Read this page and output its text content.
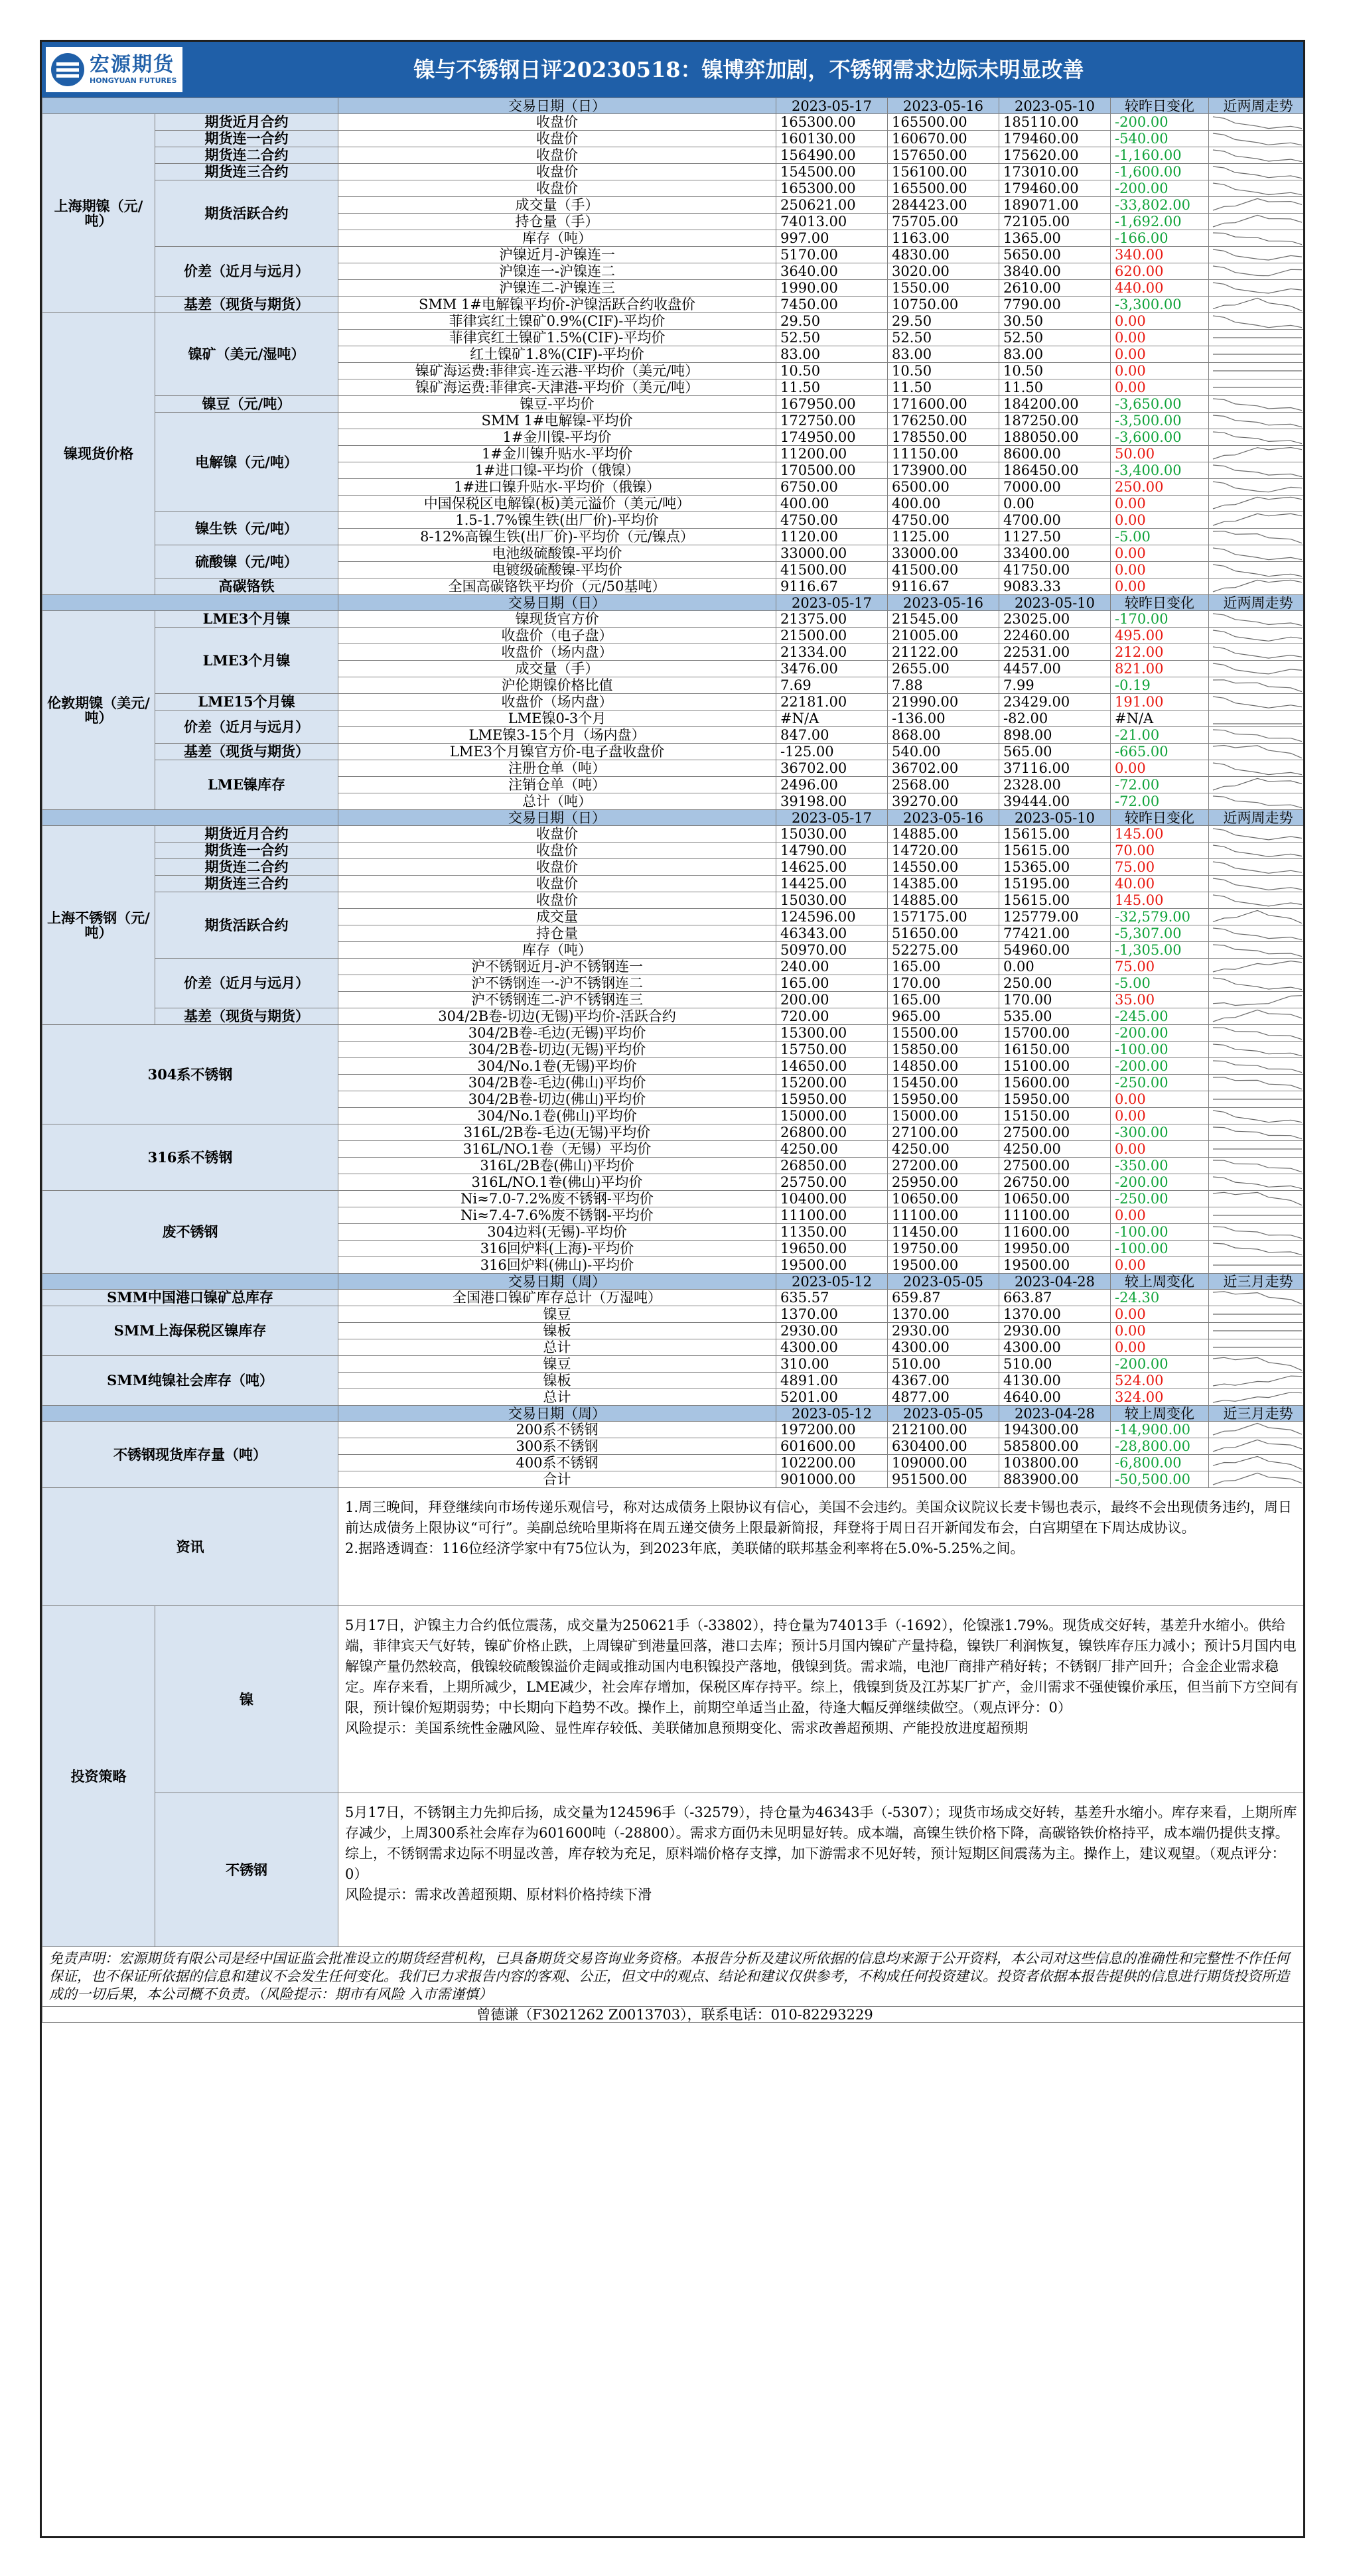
宏源期货
HONGYUAN FUTURES	镍与不锈钢日评20230518：镍博弈加剧，不锈钢需求边际未明显改善
		交易日期（日）	2023-05-17	2023-05-16	2023-05-10	较昨日变化	近两周走势
上海期镍（元/吨）	期货近月合约	收盘价	165300.00	165500.00	185110.00	-200.00	

	期货连一合约	收盘价	160130.00	160670.00	179460.00	-540.00	

	期货连二合约	收盘价	156490.00	157650.00	175620.00	-1,160.00	

	期货连三合约	收盘价	154500.00	156100.00	173010.00	-1,600.00	

	期货活跃合约	收盘价	165300.00	165500.00	179460.00	-200.00	

		成交量（手）	250621.00	284423.00	189071.00	-33,802.00	

		持仓量（手）	74013.00	75705.00	72105.00	-1,692.00	

		库存（吨）	997.00	1163.00	1365.00	-166.00	

	价差（近月与远月）	沪镍近月-沪镍连一	5170.00	4830.00	5650.00	340.00	

		沪镍连一-沪镍连二	3640.00	3020.00	3840.00	620.00	

		沪镍连二-沪镍连三	1990.00	1550.00	2610.00	440.00	

	基差（现货与期货）	SMM 1#电解镍平均价-沪镍活跃合约收盘价	7450.00	10750.00	7790.00	-3,300.00	

镍现货价格	镍矿（美元/湿吨）	菲律宾红土镍矿0.9%(CIF)-平均价	29.50	29.50	30.50	0.00	

		菲律宾红土镍矿1.5%(CIF)-平均价	52.50	52.50	52.50	0.00	

		红土镍矿1.8%(CIF)-平均价	83.00	83.00	83.00	0.00	

		镍矿海运费:菲律宾-连云港-平均价（美元/吨）	10.50	10.50	10.50	0.00	

		镍矿海运费:菲律宾-天津港-平均价（美元/吨）	11.50	11.50	11.50	0.00	

	镍豆（元/吨）	镍豆-平均价	167950.00	171600.00	184200.00	-3,650.00	

	电解镍（元/吨）	SMM 1#电解镍-平均价	172750.00	176250.00	187250.00	-3,500.00	

		1#金川镍-平均价	174950.00	178550.00	188050.00	-3,600.00	

		1#金川镍升贴水-平均价	11200.00	11150.00	8600.00	50.00	

		1#进口镍-平均价（俄镍）	170500.00	173900.00	186450.00	-3,400.00	

		1#进口镍升贴水-平均价（俄镍）	6750.00	6500.00	7000.00	250.00	

		中国保税区电解镍(板)美元溢价（美元/吨）	400.00	400.00	0.00	0.00	

	镍生铁（元/吨）	1.5-1.7%镍生铁(出厂价)-平均价	4750.00	4750.00	4700.00	0.00	

		8-12%高镍生铁(出厂价)-平均价（元/镍点）	1120.00	1125.00	1127.50	-5.00	

	硫酸镍（元/吨）	电池级硫酸镍-平均价	33000.00	33000.00	33400.00	0.00	

		电镀级硫酸镍-平均价	41500.00	41500.00	41750.00	0.00	

	高碳铬铁	全国高碳铬铁平均价（元/50基吨）	9116.67	9116.67	9083.33	0.00	

		交易日期（日）	2023-05-17	2023-05-16	2023-05-10	较昨日变化	近两周走势
伦敦期镍（美元/吨）	LME3个月镍	镍现货官方价	21375.00	21545.00	23025.00	-170.00	

	LME3个月镍	收盘价（电子盘）	21500.00	21005.00	22460.00	495.00	

		收盘价（场内盘）	21334.00	21122.00	22531.00	212.00	

		成交量（手）	3476.00	2655.00	4457.00	821.00	

		沪伦期镍价格比值	7.69	7.88	7.99	-0.19	

	LME15个月镍	收盘价（场内盘）	22181.00	21990.00	23429.00	191.00	

	价差（近月与远月）	LME镍0-3个月	#N/A	-136.00	-82.00	#N/A	

		LME镍3-15个月（场内盘）	847.00	868.00	898.00	-21.00	

	基差（现货与期货）	LME3个月镍官方价-电子盘收盘价	-125.00	540.00	565.00	-665.00	

	LME镍库存	注册仓单（吨）	36702.00	36702.00	37116.00	0.00	

		注销仓单（吨）	2496.00	2568.00	2328.00	-72.00	

		总计（吨）	39198.00	39270.00	39444.00	-72.00	

		交易日期（日）	2023-05-17	2023-05-16	2023-05-10	较昨日变化	近两周走势
上海不锈钢（元/吨）	期货近月合约	收盘价	15030.00	14885.00	15615.00	145.00	

	期货连一合约	收盘价	14790.00	14720.00	15615.00	70.00	

	期货连二合约	收盘价	14625.00	14550.00	15365.00	75.00	

	期货连三合约	收盘价	14425.00	14385.00	15195.00	40.00	

	期货活跃合约	收盘价	15030.00	14885.00	15615.00	145.00	

		成交量	124596.00	157175.00	125779.00	-32,579.00	

		持仓量	46343.00	51650.00	77421.00	-5,307.00	

		库存（吨）	50970.00	52275.00	54960.00	-1,305.00	

	价差（近月与远月）	沪不锈钢近月-沪不锈钢连一	240.00	165.00	0.00	75.00	

		沪不锈钢连一-沪不锈钢连二	165.00	170.00	250.00	-5.00	

		沪不锈钢连二-沪不锈钢连三	200.00	165.00	170.00	35.00	

	基差（现货与期货）	304/2B卷-切边(无锡)平均价-活跃合约	720.00	965.00	535.00	-245.00	

304系不锈钢		304/2B卷-毛边(无锡)平均价	15300.00	15500.00	15700.00	-200.00	

		304/2B卷-切边(无锡)平均价	15750.00	15850.00	16150.00	-100.00	

		304/No.1卷(无锡)平均价	14650.00	14850.00	15100.00	-200.00	

		304/2B卷-毛边(佛山)平均价	15200.00	15450.00	15600.00	-250.00	

		304/2B卷-切边(佛山)平均价	15950.00	15950.00	15950.00	0.00	

		304/No.1卷(佛山)平均价	15000.00	15000.00	15150.00	0.00	

316系不锈钢		316L/2B卷-毛边(无锡)平均价	26800.00	27100.00	27500.00	-300.00	

		316L/NO.1卷（无锡）平均价	4250.00	4250.00	4250.00	0.00	

		316L/2B卷(佛山)平均价	26850.00	27200.00	27500.00	-350.00	

		316L/NO.1卷(佛山)平均价	25750.00	25950.00	26750.00	-200.00	

废不锈钢		Ni≈7.0-7.2%废不锈钢-平均价	10400.00	10650.00	10650.00	-250.00	

		Ni≈7.4-7.6%废不锈钢-平均价	11100.00	11100.00	11100.00	0.00	

		304边料(无锡)-平均价	11350.00	11450.00	11600.00	-100.00	

		316回炉料(上海)-平均价	19650.00	19750.00	19950.00	-100.00	

		316回炉料(佛山)-平均价	19500.00	19500.00	19500.00	0.00	

		交易日期（周）	2023-05-12	2023-05-05	2023-04-28	较上周变化	近三月走势
SMM中国港口镍矿总库存		全国港口镍矿库存总计（万湿吨）	635.57	659.87	663.87	-24.30	

SMM上海保税区镍库存		镍豆	1370.00	1370.00	1370.00	0.00	

		镍板	2930.00	2930.00	2930.00	0.00	

		总计	4300.00	4300.00	4300.00	0.00	

SMM纯镍社会库存（吨）		镍豆	310.00	510.00	510.00	-200.00	

		镍板	4891.00	4367.00	4130.00	524.00	

		总计	5201.00	4877.00	4640.00	324.00	

		交易日期（周）	2023-05-12	2023-05-05	2023-04-28	较上周变化	近三月走势
不锈钢现货库存量（吨）		200系不锈钢	197200.00	212100.00	194300.00	-14,900.00	

		300系不锈钢	601600.00	630400.00	585800.00	-28,800.00	

		400系不锈钢	102200.00	109000.00	103800.00	-6,800.00	

		合计	901000.00	951500.00	883900.00	-50,500.00	

资讯		1.周三晚间，拜登继续向市场传递乐观信号，称对达成债务上限协议有信心，美国不会违约。美国众议院议长麦卡锡也表示，最终不会出现债务违约，周日前达成债务上限协议“可行”。美副总统哈里斯将在周五递交债务上限最新简报，拜登将于周日召开新闻发布会，白宫期望在下周达成协议。
2.据路透调查：116位经济学家中有75位认为，到2023年底，美联储的联邦基金利率将在5.0%-5.25%之间。					
投资策略	镍	5月17日，沪镍主力合约低位震荡，成交量为250621手（-33802），持仓量为74013手（-1692），伦镍涨1.79%。现货成交好转，基差升水缩小。供给端，菲律宾天气好转，镍矿价格止跌，上周镍矿到港量回落，港口去库；预计5月国内镍矿产量持稳，镍铁厂利润恢复，镍铁库存压力减小；预计5月国内电解镍产量仍然较高，俄镍较硫酸镍溢价走阔或推动国内电积镍投产落地，俄镍到货。需求端，电池厂商排产稍好转；不锈钢厂排产回升；合金企业需求稳定。库存来看，上期所减少，LME减少，社会库存增加，保税区库存持平。综上，俄镍到货及江苏某厂扩产，金川需求不强使镍价承压，但当前下方空间有限，预计镍价短期弱势；中长期向下趋势不改。操作上，前期空单适当止盈，待逢大幅反弹继续做空。（观点评分：0）
风险提示：美国系统性金融风险、显性库存较低、美联储加息预期变化、需求改善超预期、产能投放进度超预期					
	不锈钢	5月17日，不锈钢主力先抑后扬，成交量为124596手（-32579），持仓量为46343手（-5307）；现货市场成交好转，基差升水缩小。库存来看，上期所库存减少，上周300系社会库存为601600吨（-28800）。需求方面仍未见明显好转。成本端，高镍生铁价格下降，高碳铬铁价格持平，成本端仍提供支撑。综上，不锈钢需求边际不明显改善，库存较为充足，原料端价格存支撑，加下游需求不见好转，预计短期区间震荡为主。操作上，建议观望。（观点评分：0）
风险提示：需求改善超预期、原材料价格持续下滑					
免责声明：宏源期货有限公司是经中国证监会批准设立的期货经营机构，已具备期货交易咨询业务资格。本报告分析及建议所依据的信息均来源于公开资料，本公司对这些信息的准确性和完整性不作任何保证，也不保证所依据的信息和建议不会发生任何变化。我们已力求报告内容的客观、公正，但文中的观点、结论和建议仅供参考，不构成任何投资建议。投资者依据本报告提供的信息进行期货投资所造成的一切后果，本公司概不负责。（风险提示：期市有风险 入市需谨慎）							
曾德谦（F3021262 Z0013703），联系电话：010-82293229							
